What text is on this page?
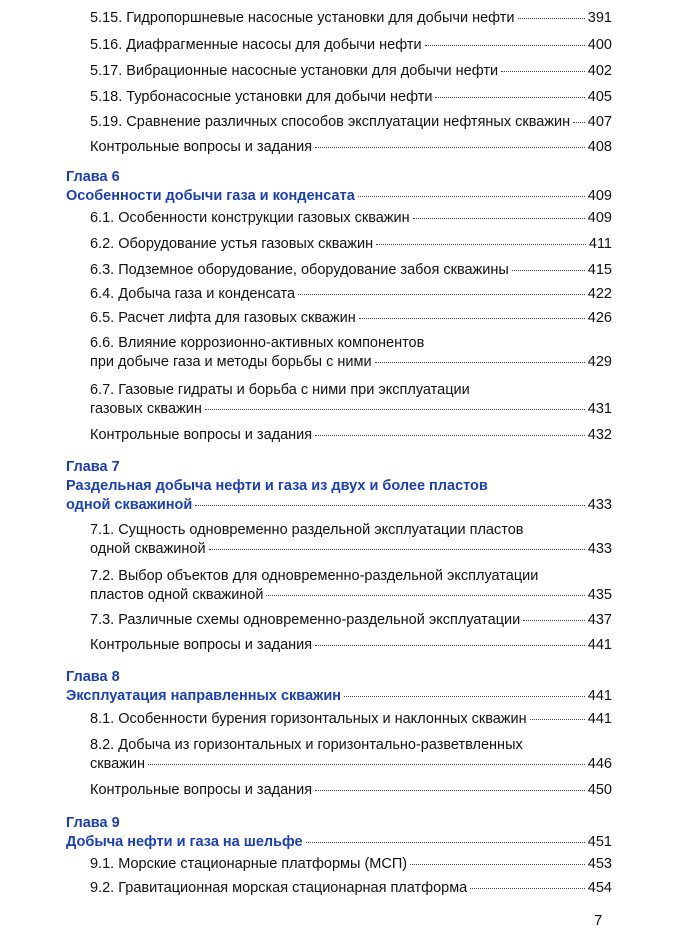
5.15. Гидропоршневые насосные установки для добычи нефти	391
5.16. Диафрагменные насосы для добычи нефти	400
5.17. Вибрационные насосные установки для добычи нефти	402
5.18. Турбонасосные установки для добычи нефти	405
5.19. Сравнение различных способов эксплуатации нефтяных скважин 407
Контрольные вопросы и задания	408
Глава 6
Особенности добычи газа и конденсата	409
6.1. Особенности конструкции газовых скважин	409
6.2. Оборудование устья газовых скважин	411
6.3. Подземное оборудование, оборудование забоя скважины	415
6.4. Добыча газа и конденсата	422
6.5. Расчет лифта для газовых скважин	426
6.6. Влияние коррозионно-активных компонентов
при добыче газа и методы борьбы с ними	429
6.7. Газовые гидраты и борьба с ними при эксплуатации
газовых скважин	431
Контрольные вопросы и задания	432
Глава 7
Раздельная добыча нефти и газа из двух и более пластов
одной скважиной	433
7.1. Сущность одновременно раздельной эксплуатации пластов
одной скважиной	433
7.2. Выбор объектов для одновременно-раздельной эксплуатации
пластов одной скважиной	435
7.3. Различные схемы одновременно-раздельной эксплуатации	437
Контрольные вопросы и задания	441
Глава 8
Эксплуатация направленных скважин	441
8.1. Особенности бурения горизонтальных и наклонных скважин	441
8.2. Добыча из горизонтальных и горизонтально-разветвленных
скважин	446
Контрольные вопросы и задания	450
Глава 9
Добыча нефти и газа на шельфе	451
9.1. Морские стационарные платформы (МСП)	453
9.2. Гравитационная морская стационарная платформа	454
7
